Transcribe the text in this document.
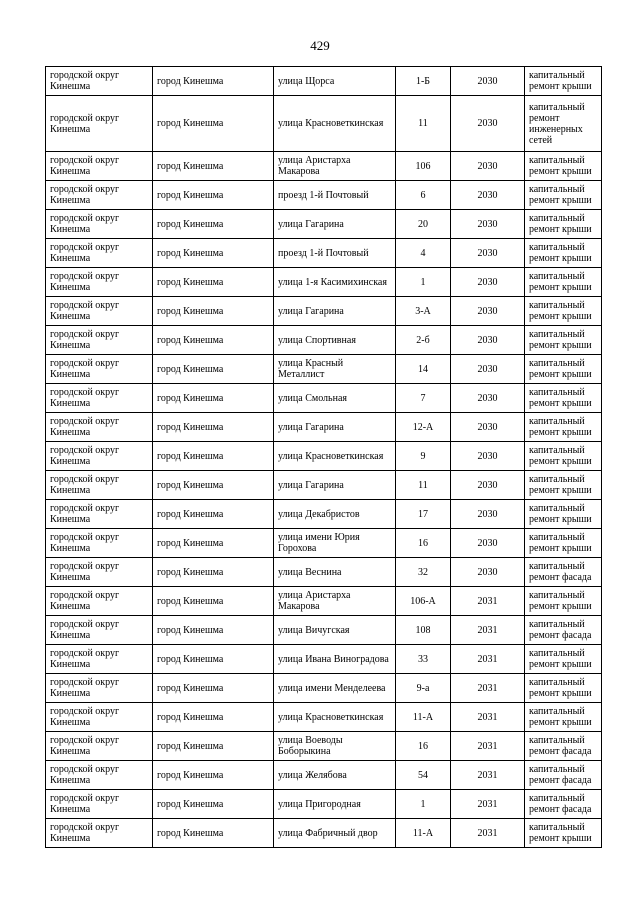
429
городской округ Кинешма	город Кинешма	улица Щорса	1-Б	2030	капитальный ремонт крыши
городской округ Кинешма	город Кинешма	улица Красноветкинская	11	2030	капитальный ремонт инженерных сетей
городской округ Кинешма	город Кинешма	улица Аристарха Макарова	106	2030	капитальный ремонт крыши
городской округ Кинешма	город Кинешма	проезд 1-й Почтовый	6	2030	капитальный ремонт крыши
городской округ Кинешма	город Кинешма	улица Гагарина	20	2030	капитальный ремонт крыши
городской округ Кинешма	город Кинешма	проезд 1-й Почтовый	4	2030	капитальный ремонт крыши
городской округ Кинешма	город Кинешма	улица 1-я Касимихинская	1	2030	капитальный ремонт крыши
городской округ Кинешма	город Кинешма	улица Гагарина	3-А	2030	капитальный ремонт крыши
городской округ Кинешма	город Кинешма	улица Спортивная	2-б	2030	капитальный ремонт крыши
городской округ Кинешма	город Кинешма	улица Красный Металлист	14	2030	капитальный ремонт крыши
городской округ Кинешма	город Кинешма	улица Смольная	7	2030	капитальный ремонт крыши
городской округ Кинешма	город Кинешма	улица Гагарина	12-А	2030	капитальный ремонт крыши
городской округ Кинешма	город Кинешма	улица Красноветкинская	9	2030	капитальный ремонт крыши
городской округ Кинешма	город Кинешма	улица Гагарина	11	2030	капитальный ремонт крыши
городской округ Кинешма	город Кинешма	улица Декабристов	17	2030	капитальный ремонт крыши
городской округ Кинешма	город Кинешма	улица имени Юрия Горохова	16	2030	капитальный ремонт крыши
городской округ Кинешма	город Кинешма	улица Веснина	32	2030	капитальный ремонт фасада
городской округ Кинешма	город Кинешма	улица Аристарха Макарова	106-А	2031	капитальный ремонт крыши
городской округ Кинешма	город Кинешма	улица Вичугская	108	2031	капитальный ремонт фасада
городской округ Кинешма	город Кинешма	улица Ивана Виноградова	33	2031	капитальный ремонт крыши
городской округ Кинешма	город Кинешма	улица имени Менделеева	9-а	2031	капитальный ремонт крыши
городской округ Кинешма	город Кинешма	улица Красноветкинская	11-А	2031	капитальный ремонт крыши
городской округ Кинешма	город Кинешма	улица Воеводы Боборыкина	16	2031	капитальный ремонт фасада
городской округ Кинешма	город Кинешма	улица Желябова	54	2031	капитальный ремонт фасада
городской округ Кинешма	город Кинешма	улица Пригородная	1	2031	капитальный ремонт фасада
городской округ Кинешма	город Кинешма	улица Фабричный двор	11-А	2031	капитальный ремонт крыши
